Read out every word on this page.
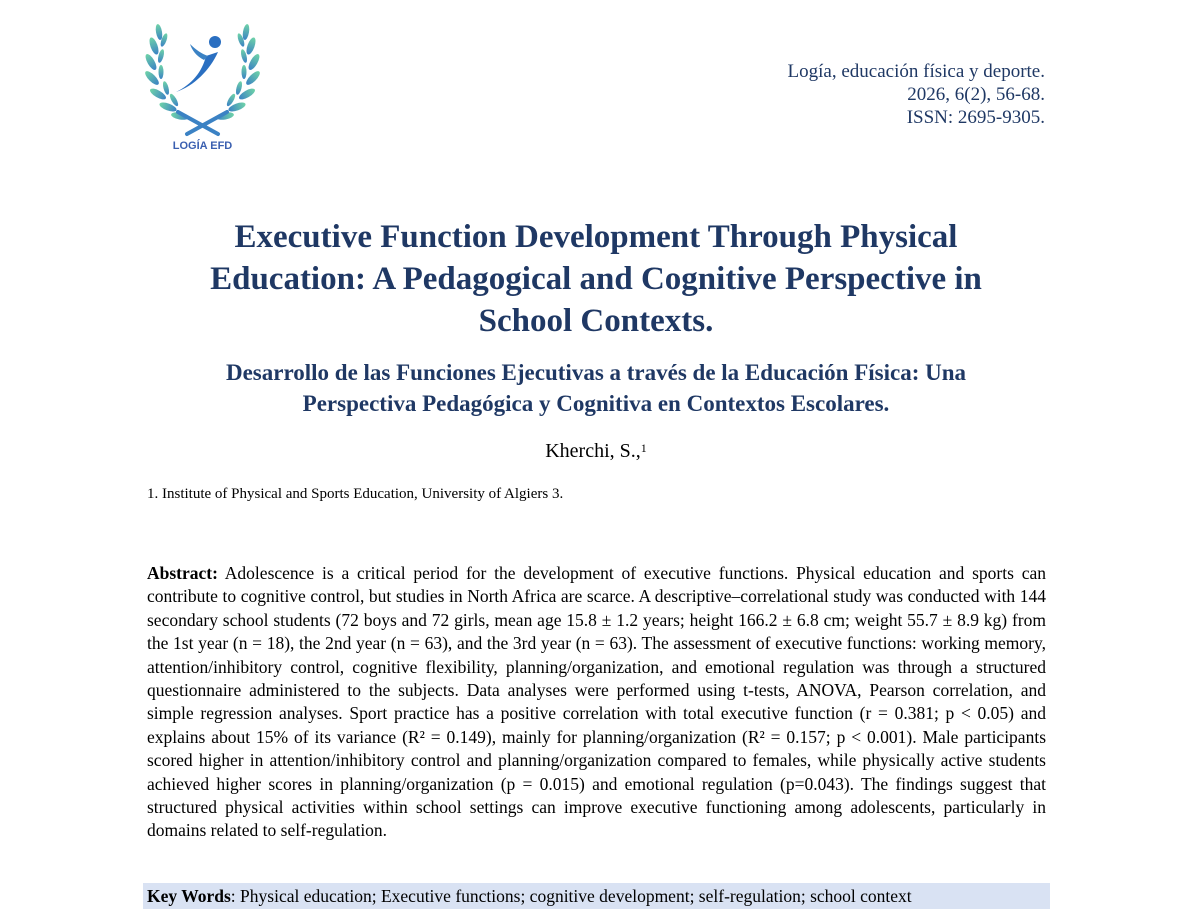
LOGÍA EFD
Logía, educación física y deporte.
2026, 6(2), 56-68.
ISSN: 2695-9305.
Executive Function Development Through Physical
Education: A Pedagogical and Cognitive Perspective in
School Contexts.
Desarrollo de las Funciones Ejecutivas a través de la Educación Física: Una
Perspectiva Pedagógica y Cognitiva en Contextos Escolares.
Kherchi, S.,$^1$
1. Institute of Physical and Sports Education, University of Algiers 3.

Abstract: Adolescence is a critical period for the development of executive functions. Physical education and sports can contribute to cognitive control, but studies in North Africa are scarce. A descriptive–correlational study was conducted with 144 secondary school students (72 boys and 72 girls, mean age 15.8 ± 1.2 years; height 166.2 ± 6.8 cm; weight 55.7 ± 8.9 kg) from the 1st year (n = 18), the 2nd year (n = 63), and the 3rd year (n = 63). The assessment of executive functions: working memory, attention/inhibitory control, cognitive flexibility, planning/organization, and emotional regulation was through a structured questionnaire administered to the subjects. Data analyses were performed using t-tests, ANOVA, Pearson correlation, and simple regression analyses. Sport practice has a positive correlation with total executive function (r = 0.381; p < 0.05) and explains about 15% of its variance (R² = 0.149), mainly for planning/organization (R² = 0.157; p < 0.001). Male participants scored higher in attention/inhibitory control and planning/organization compared to females, while physically active students achieved higher scores in planning/organization (p = 0.015) and emotional regulation (p=0.043). The findings suggest that structured physical activities within school settings can improve executive functioning among adolescents, particularly in domains related to self-regulation.

Key Words: Physical education; Executive functions; cognitive development; self-regulation; school context
